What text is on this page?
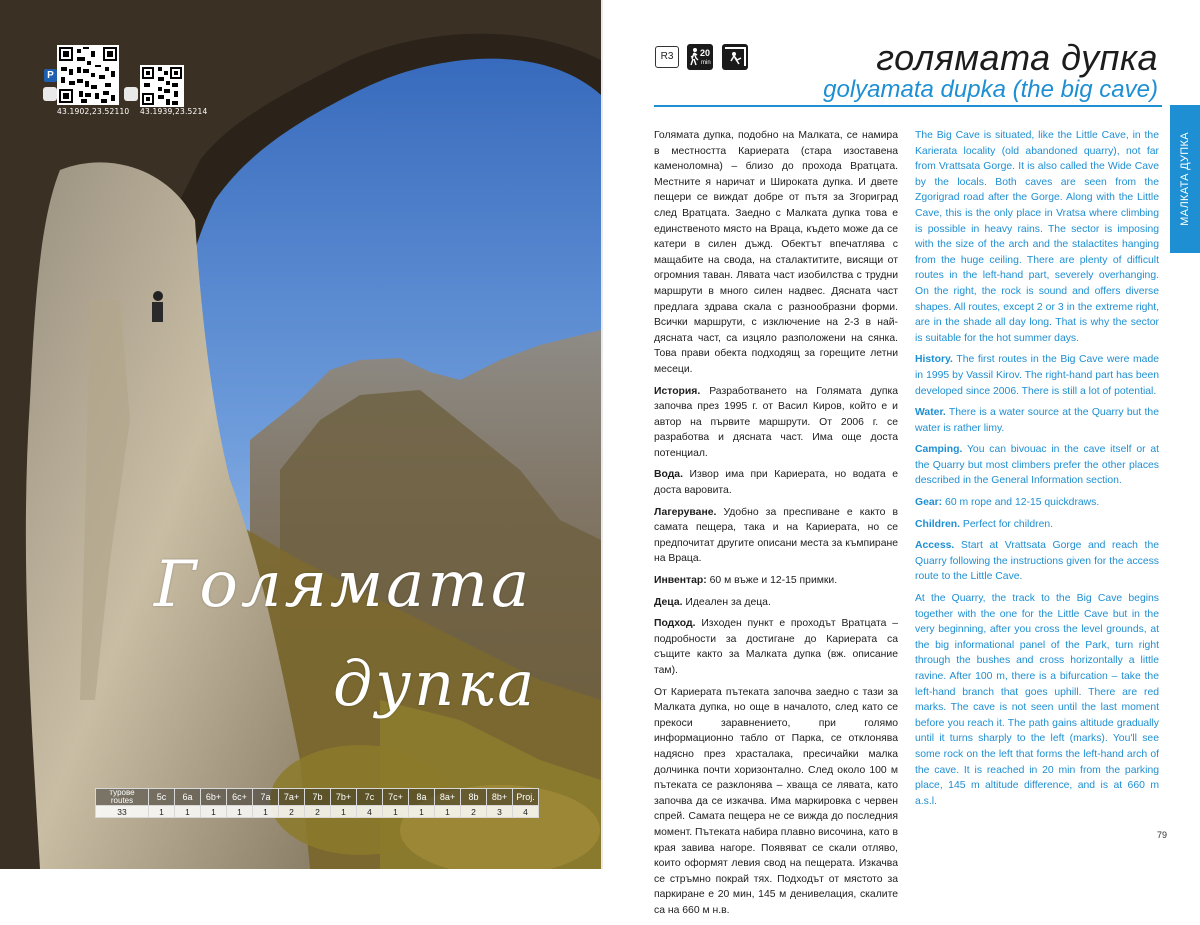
P
43.1902,23.52110 43.1939,23.5214
Голямата
дупка
турове
routes	5c	6a	6b+	6c+	7a	7a+	7b	7b+	7c	7c+	8a	8a+	8b	8b+	Proj.
33	1	1	1	1	1	2	2	1	4	1	1	1	2	3	4
R3	20
min	голямата дупка
golyamata dupka (the big cave)
МАЛКАТА ДУПКА

Голямата дупка, подобно на Малката, се намира в местността Кариерата (стара изоставена каменоломна) – близо до прохода Вратцата. Местните я наричат и Широката дупка. И двете пещери се виждат добре от пътя за Згориград след Вратцата. Заедно с Малката дупка това е единственото място на Враца, където може да се катери в силен дъжд. Обектът впечатлява с мащабите на свода, на сталактитите, висящи от огромния таван. Лявата част изобилства с трудни маршрути в много силен надвес. Дясната част предлага здрава скала с разнообразни форми. Всички маршрути, с изключение на 2-3 в най-дясната част, са изцяло разположени на сянка. Това прави обекта подходящ за горещите летни месеци.

История. Разработването на Голямата дупка започва през 1995 г. от Васил Киров, който е и автор на първите маршрути. От 2006 г. се разработва и дясната част. Има още доста потенциал.

Вода. Извор има при Кариерата, но водата е доста варовита.

Лагеруване. Удобно за преспиване е както в самата пещера, така и на Кариерата, но се предпочитат другите описани места за къмпиране на Враца.

Инвентар: 60 м въже и 12-15 примки.

Деца. Идеален за деца.

Подход. Изходен пункт е проходът Вратцата – подробности за достигане до Кариерата са същите както за Малката дупка (вж. описание там).

От Кариерата пътеката започва заедно с тази за Малката дупка, но още в началото, след като се прекоси заравнението, при голямо информационно табло от Парка, се отклонява надясно през храсталака, пресичайки малка долчинка почти хоризонтално. След около 100 м пътеката се разклонява – хваща се лявата, като започва да се изкачва. Има маркировка с червен спрей. Самата пещера не се вижда до последния момент. Пътеката набира плавно височина, като в края завива нагоре. Появяват се скали отляво, които оформят левия свод на пещерата. Изкачва се стръмно покрай тях. Подходът от мястото за паркиране е 20 мин, 145 м денивелация, скалите са на 660 м н.в.

The Big Cave is situated, like the Little Cave, in the Karierata locality (old abandoned quarry), not far from Vrattsata Gorge. It is also called the Wide Cave by the locals. Both caves are seen from the Zgorigrad road after the Gorge. Along with the Little Cave, this is the only place in Vratsa where climbing is possible in heavy rains. The sector is imposing with the size of the arch and the stalactites hanging from the huge ceiling. There are plenty of difficult routes in the left-hand part, severely overhanging. On the right, the rock is sound and offers diverse shapes. All routes, except 2 or 3 in the extreme right, are in the shade all day long. That is why the sector is suitable for the hot summer days.

History. The first routes in the Big Cave were made in 1995 by Vassil Kirov. The right-hand part has been developed since 2006. There is still a lot of potential.

Water. There is a water source at the Quarry but the water is rather limy.

Camping. You can bivouac in the cave itself or at the Quarry but most climbers prefer the other places described in the General Information section.

Gear: 60 m rope and 12-15 quickdraws.

Children. Perfect for children.

Access. Start at Vrattsata Gorge and reach the Quarry following the instructions given for the access route to the Little Cave.

At the Quarry, the track to the Big Cave begins together with the one for the Little Cave but in the very beginning, after you cross the level grounds, at the big informational panel of the Park, turn right through the bushes and cross horizontally a little ravine. After 100 m, there is a bifurcation – take the left-hand branch that goes uphill. There are red marks. The cave is not seen until the last moment before you reach it. The path gains altitude gradually until it turns sharply to the left (marks). You'll see some rock on the left that forms the left-hand arch of the cave. It is reached in 20 min from the parking place, 145 m altitude difference, and is at 660 m a.s.l.

79
